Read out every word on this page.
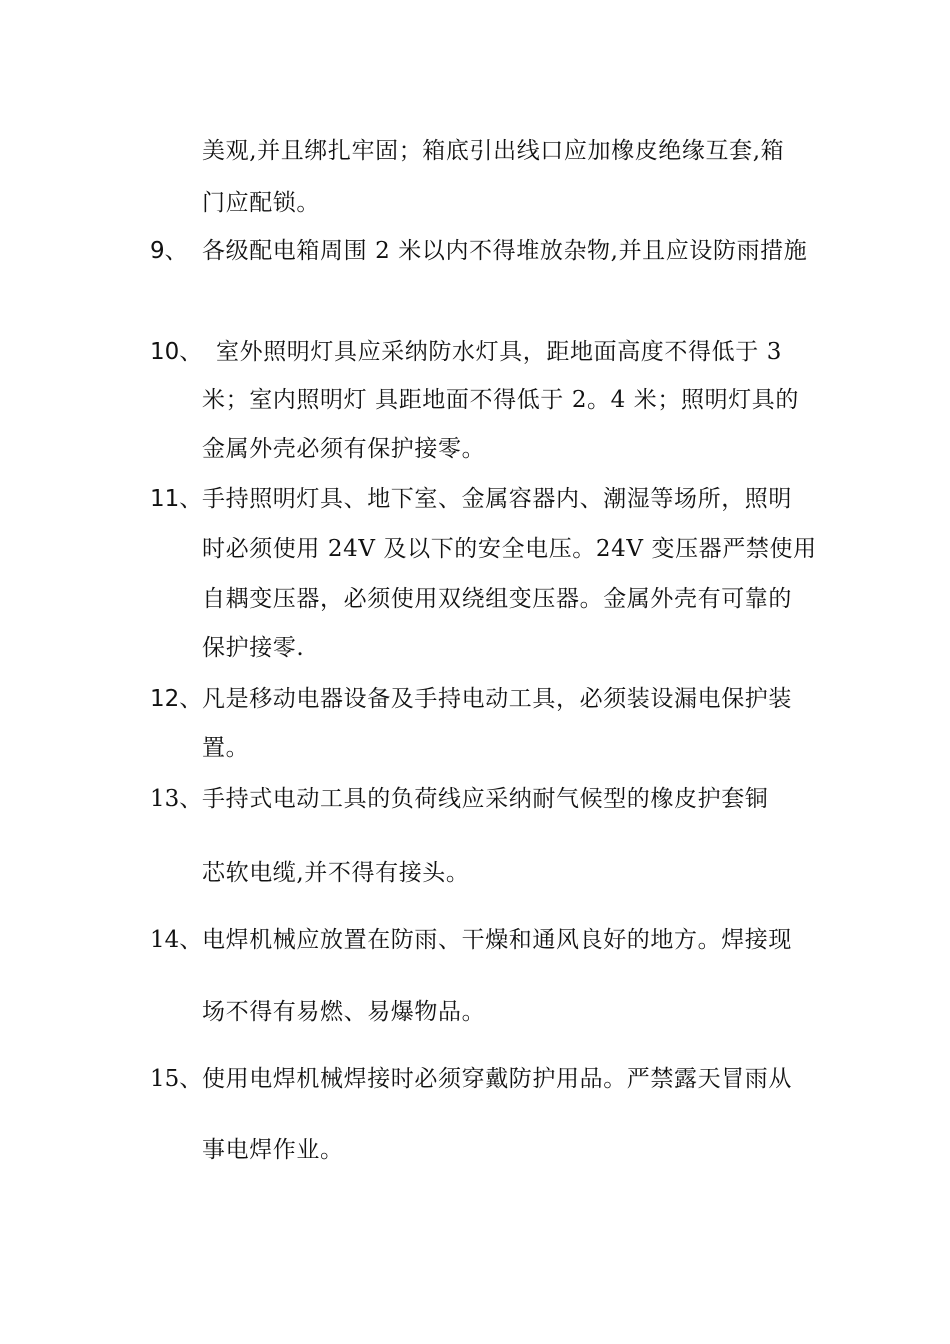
美观,并且绑扎牢固；箱底引出线口应加橡皮绝缘互套,箱
门应配锁。
9、 各级配电箱周围 2 米以内不得堆放杂物,并且应设防雨措施
10、 室外照明灯具应采纳防水灯具，距地面高度不得低于 3
米；室内照明灯 具距地面不得低于 2。4 米；照明灯具的
金属外壳必须有保护接零。
11、 手持照明灯具、地下室、金属容器内、潮湿等场所，照明
时必须使用 24V 及以下的安全电压。24V 变压器严禁使用
自耦变压器，必须使用双绕组变压器。金属外壳有可靠的
保护接零.
12、 凡是移动电器设备及手持电动工具，必须装设漏电保护装
置。
13、 手持式电动工具的负荷线应采纳耐气候型的橡皮护套铜
芯软电缆,并不得有接头。
14、 电焊机械应放置在防雨、干燥和通风良好的地方。焊接现
场不得有易燃、易爆物品。
15、 使用电焊机械焊接时必须穿戴防护用品。严禁露天冒雨从
事电焊作业。
